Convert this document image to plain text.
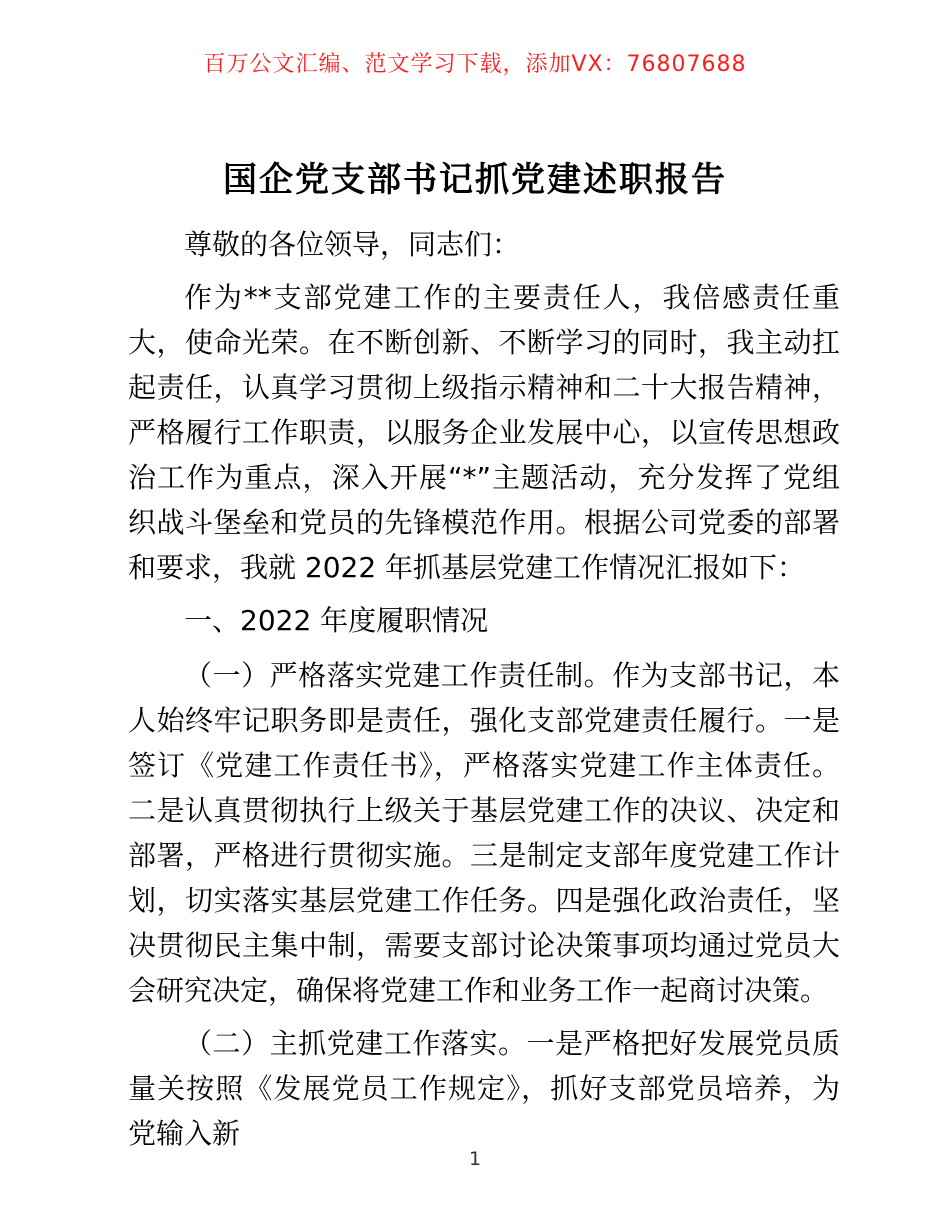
百万公文汇编、范文学习下载，添加VX：76807688
国企党支部书记抓党建述职报告

尊敬的各位领导，同志们：

作为**支部党建工作的主要责任人，我倍感责任重大，使命光荣。在不断创新、不断学习的同时，我主动扛起责任，认真学习贯彻上级指示精神和二十大报告精神，严格履行工作职责，以服务企业发展中心，以宣传思想政治工作为重点，深入开展“*”主题活动，充分发挥了党组织战斗堡垒和党员的先锋模范作用。根据公司党委的部署和要求，我就 2022 年抓基层党建工作情况汇报如下：

一、2022 年度履职情况

（一）严格落实党建工作责任制。作为支部书记，本人始终牢记职务即是责任，强化支部党建责任履行。一是签订《党建工作责任书》，严格落实党建工作主体责任。二是认真贯彻执行上级关于基层党建工作的决议、决定和部署，严格进行贯彻实施。三是制定支部年度党建工作计划，切实落实基层党建工作任务。四是强化政治责任，坚决贯彻民主集中制，需要支部讨论决策事项均通过党员大会研究决定，确保将党建工作和业务工作一起商讨决策。

（二）主抓党建工作落实。一是严格把好发展党员质量关按照《发展党员工作规定》，抓好支部党员培养，为党输入新

1
